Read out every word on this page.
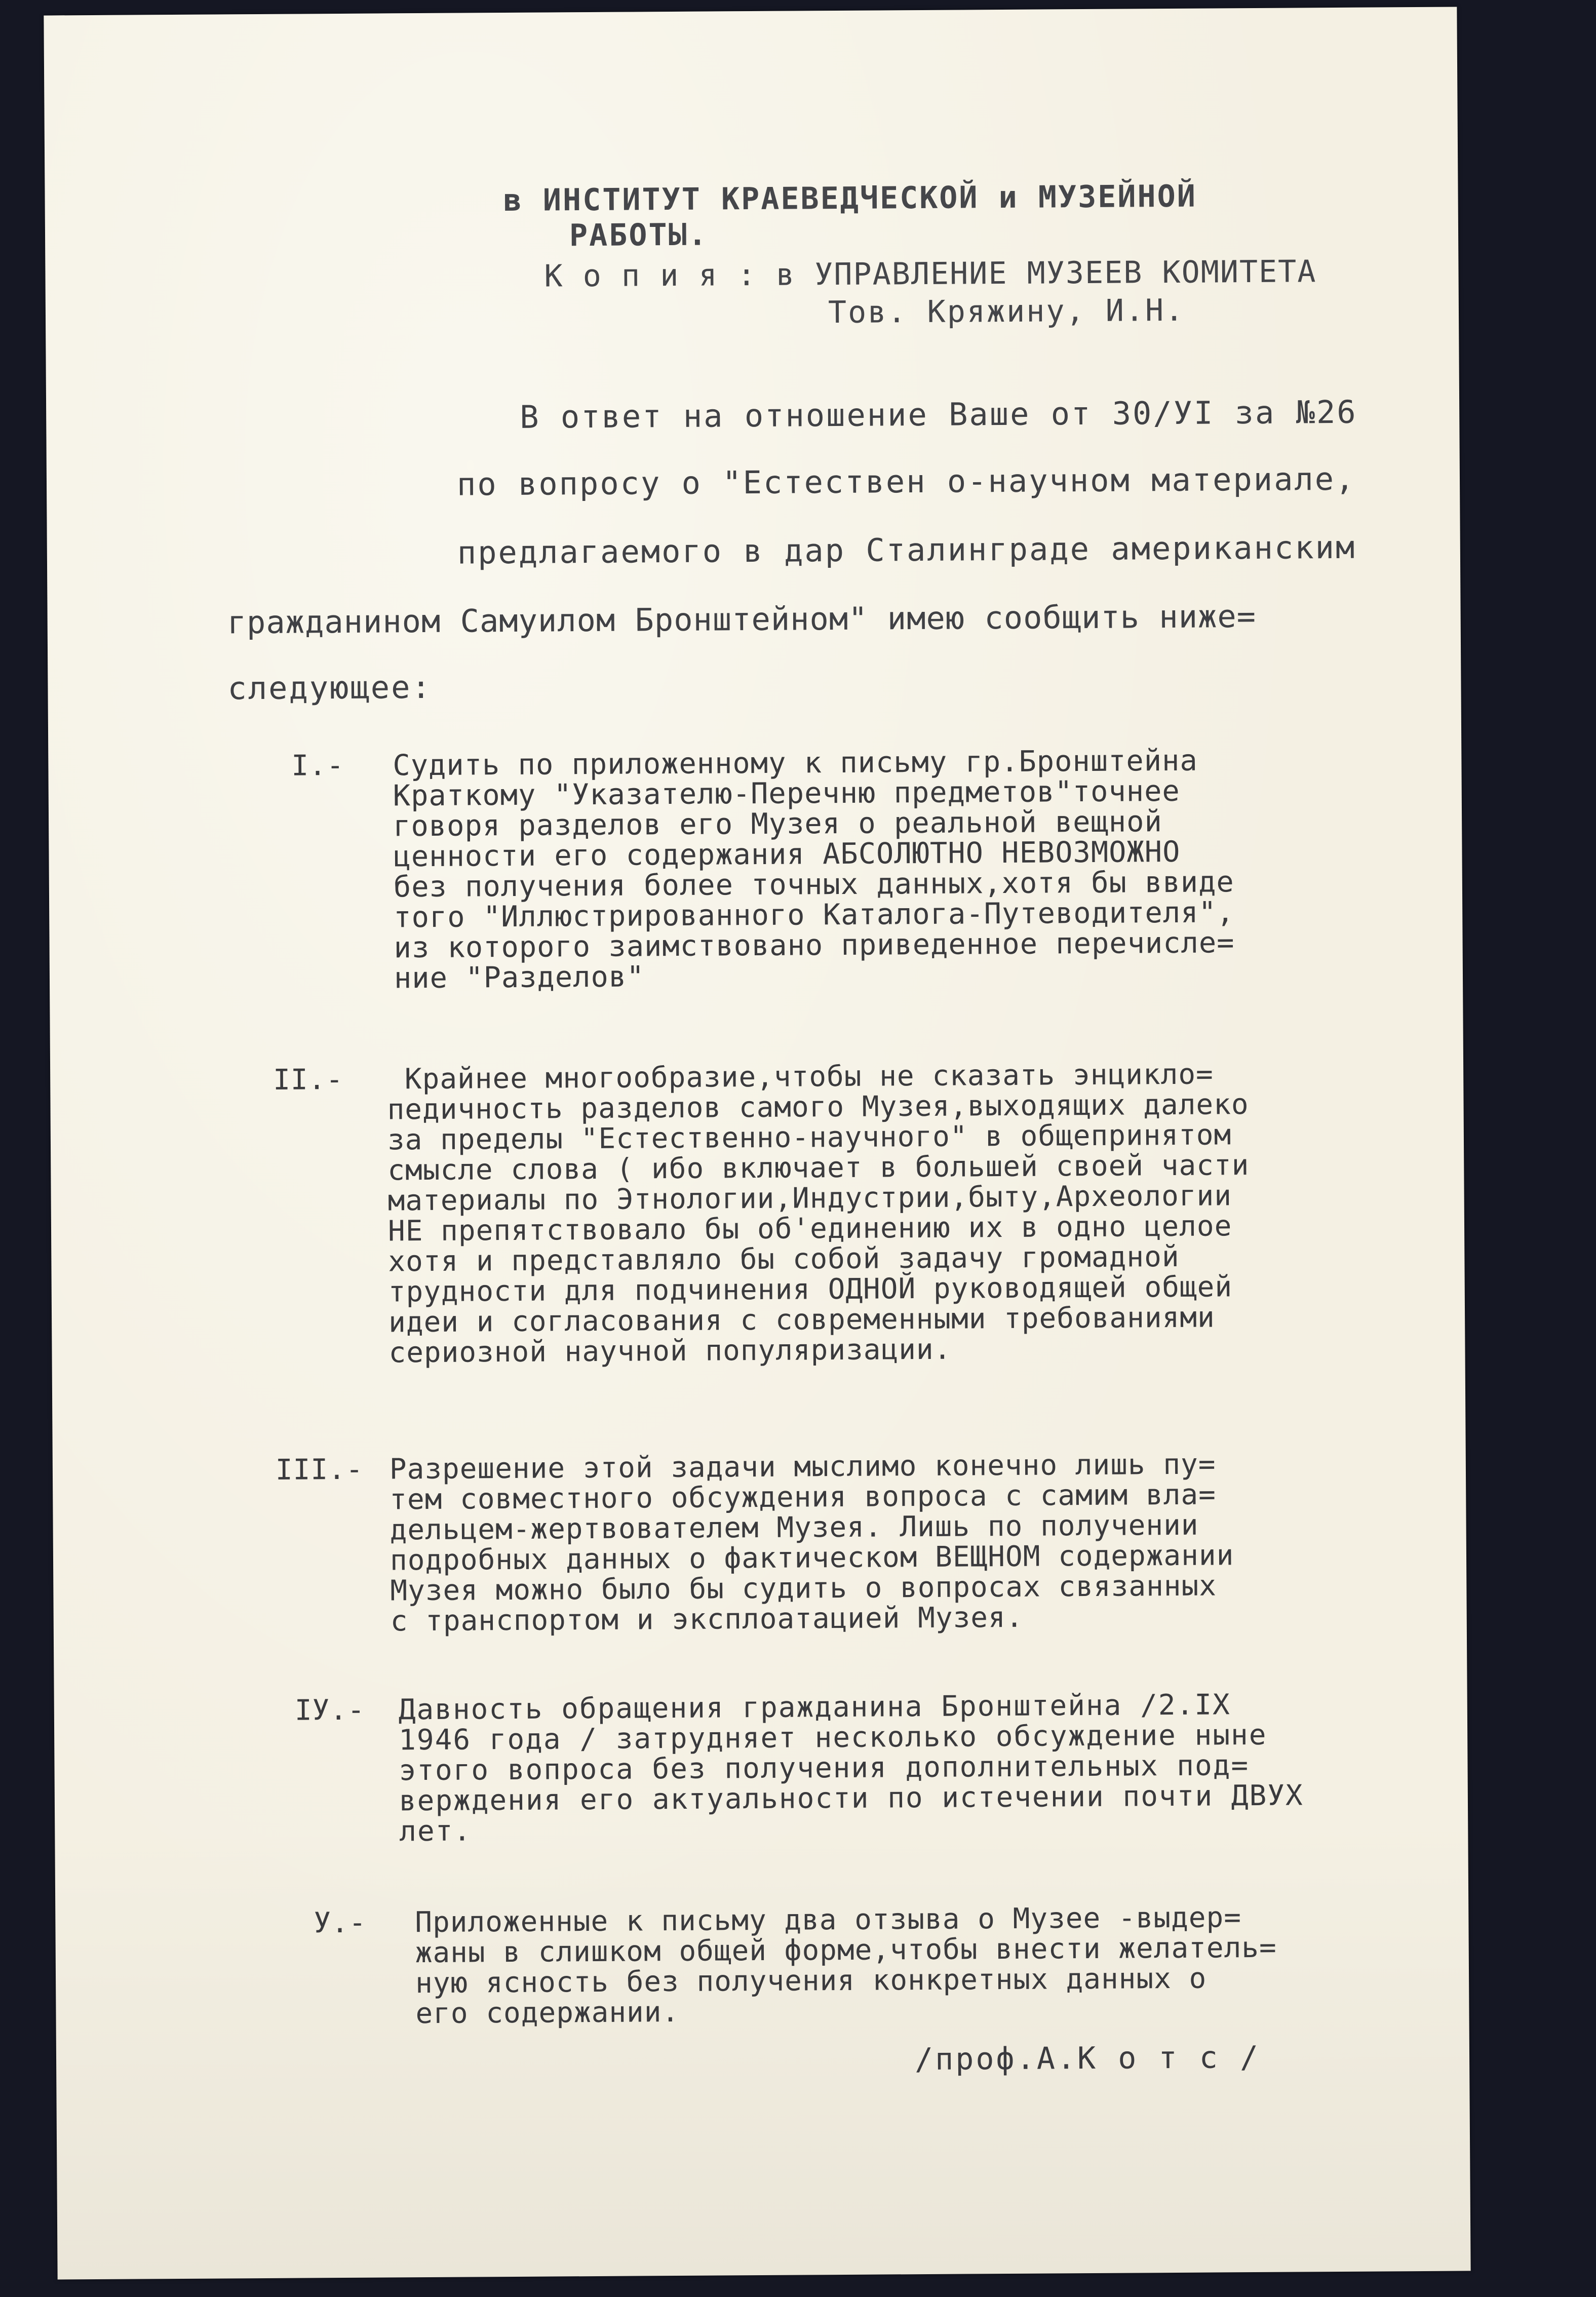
в ИНСТИТУТ КРАЕВЕДЧЕСКОЙ и МУЗЕЙНОЙ
РАБОТЫ.
К о п и я : в УПРАВЛЕНИЕ МУЗЕЕВ КОМИТЕТА
Тов. Кряжину, И.Н.
В ответ на отношение Ваше от 30/УI за №26
по вопросу о "Естествен о-научном материале,
предлагаемого в дар Сталинграде американским
гражданином Самуилом Бронштейном" имею сообщить ниже=
следующее:
I.- Судить по приложенному к письму гр.Бронштейна
Краткому "Указателю-Перечню предметов"точнее
говоря разделов его Музея о реальной вещной
ценности его содержания АБСОЛЮТНО НЕВОЗМОЖНО
без получения более точных данных,хотя бы ввиде
того "Иллюстрированного Каталога-Путеводителя",
из которого заимствовано приведенное перечисле=
ние "Разделов"
II.- Крайнее многообразие,чтобы не сказать энцикло=
педичность разделов самого Музея,выходящих далеко
за пределы "Естественно-научного" в общепринятом
смысле слова ( ибо включает в большей своей части
материалы по Этнологии,Индустрии,быту,Археологии
НЕ препятствовало бы об'единению их в одно целое
хотя и представляло бы собой задачу громадной
трудности для подчинения ОДНОЙ руководящей общей
идеи и согласования с современными требованиями
сериозной научной популяризации.
III.- Разрешение этой задачи мыслимо конечно лишь пу=
тем совместного обсуждения вопроса с самим вла=
дельцем-жертвователем Музея. Лишь по получении
подробных данных о фактическом ВЕЩНОМ содержании
Музея можно было бы судить о вопросах связанных
с транспортом и эксплоатацией Музея.
IУ.- Давность обращения гражданина Бронштейна /2.IX
1946 года / затрудняет несколько обсуждение ныне
этого вопроса без получения дополнительных под=
верждения его актуальности по истечении почти ДВУХ
лет.
У.- Приложенные к письму два отзыва о Музее -выдер=
жаны в слишком общей форме,чтобы внести желатель=
ную ясность без получения конкретных данных о
его содержании.
/проф.А.К о т с /
